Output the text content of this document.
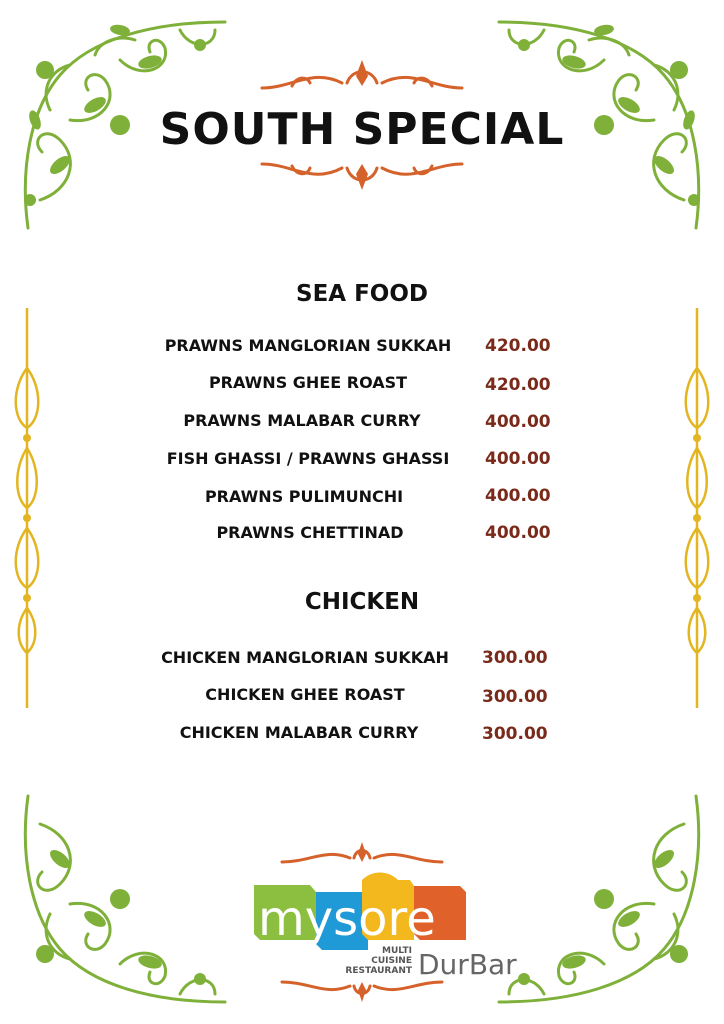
SOUTH SPECIAL
SEA FOOD
PRAWNS MANGLORIAN SUKKAH 420.00
PRAWNS GHEE ROAST	420.00
PRAWNS MALABAR CURRY	400.00
FISH GHASSI / PRAWNS GHASSI 400.00
PRAWNS PULIMUNCHI	400.00
PRAWNS CHETTINAD	400.00
CHICKEN
CHICKEN MANGLORIAN SUKKAH 300.00
CHICKEN GHEE ROAST	300.00
CHICKEN MALABAR CURRY	300.00
mysore
MULTI
CUISINE
RESTAURANT DurBar
